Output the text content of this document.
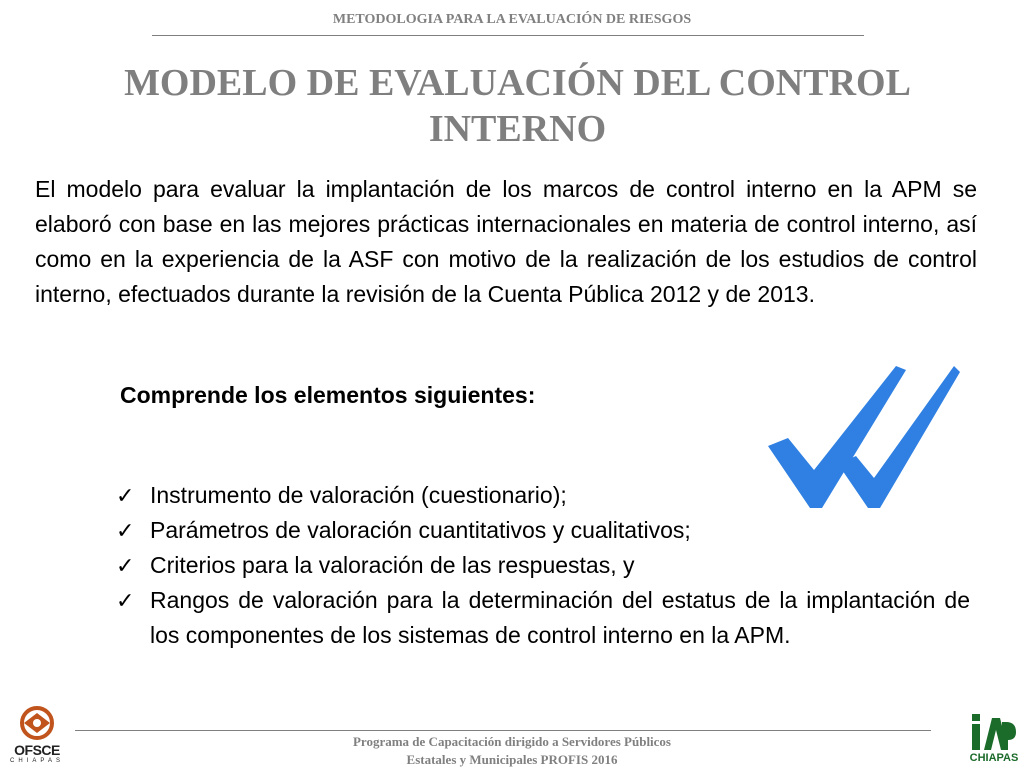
METODOLOGIA PARA LA EVALUACIÓN DE RIESGOS
MODELO DE EVALUACIÓN DEL CONTROL
INTERNO

El modelo para evaluar la implantación de los marcos de control interno en la APM se elaboró con base en las mejores prácticas internacionales en materia de control interno, así como en la experiencia de la ASF con motivo de la realización de los estudios de control interno, efectuados durante la revisión de la Cuenta Pública 2012 y de 2013.

Comprende los elementos siguientes:

✓ Instrumento de valoración (cuestionario);
✓ Parámetros de valoración cuantitativos y cualitativos;
✓ Criterios para la valoración de las respuestas, y
✓ Rangos de valoración para la determinación del estatus de la implantación de los componentes de los sistemas de control interno en la APM.
Programa de Capacitación dirigido a Servidores Públicos
Estatales y Municipales PROFIS 2016
OFSCE
CHIAPAS	CHIAPAS
